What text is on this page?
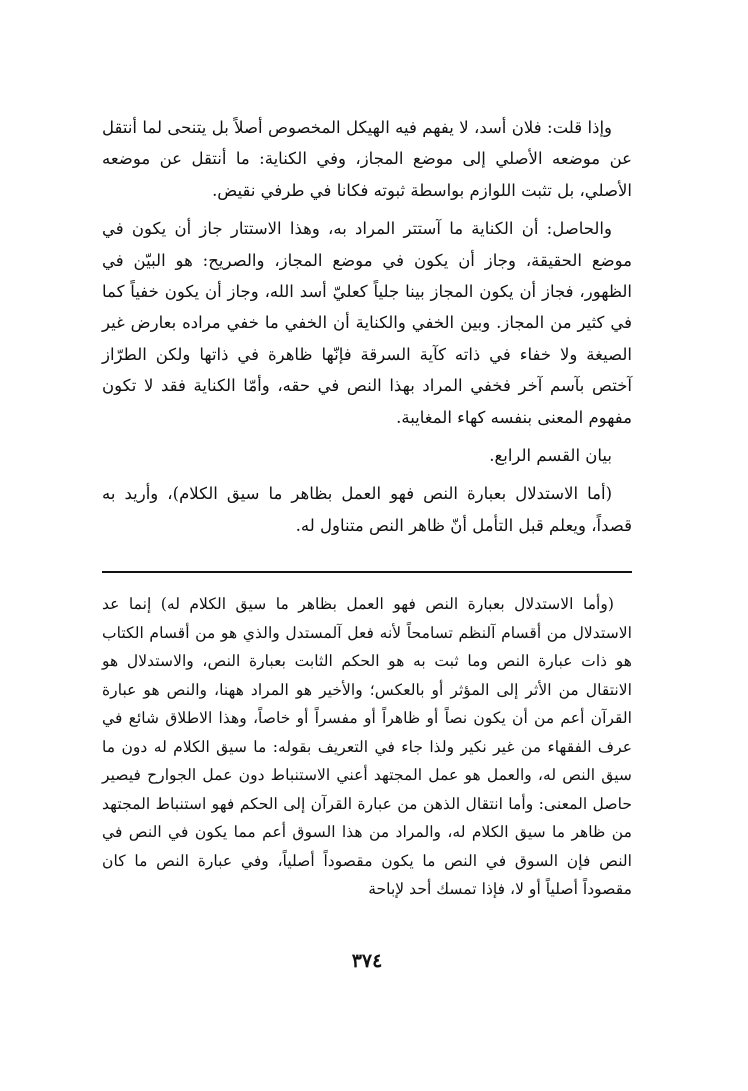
وإذا قلت: فلان أسد، لا يفهم فيه الهيكل المخصوص أصلاً بل يتنحى لما أنتقل عن موضعه الأصلي إلى موضع المجاز، وفي الكناية: ما أنتقل عن موضعه الأصلي، بل تثبت اللوازم بواسطة ثبوته فكانا في طرفي نقيض.

والحاصل: أن الكناية ما آستتر المراد به، وهذا الاستتار جاز أن يكون في موضع الحقيقة، وجاز أن يكون في موضع المجاز، والصريح: هو البيّن في الظهور، فجاز أن يكون المجاز بينا جلياً كعليّ أسد الله، وجاز أن يكون خفياً كما في كثير من المجاز. وبين الخفي والكناية أن الخفي ما خفي مراده بعارض غير الصيغة ولا خفاء في ذاته كآية السرقة فإنّها ظاهرة في ذاتها ولكن الطرّاز آختص بآسم آخر فخفي المراد بهذا النص في حقه، وأمّا الكناية فقد لا تكون مفهوم المعنى بنفسه كهاء المغايبة.

بيان القسم الرابع.

(أما الاستدلال بعبارة النص فهو العمل بظاهر ما سيق الكلام)، وأريد به قصداً، ويعلم قبل التأمل أنّ ظاهر النص متناول له.

(وأما الاستدلال بعبارة النص فهو العمل بظاهر ما سيق الكلام له) إنما عد الاستدلال من أقسام آلنظم تسامحاً لأنه فعل آلمستدل والذي هو من أقسام الكتاب هو ذات عبارة النص وما ثبت به هو الحكم الثابت بعبارة النص، والاستدلال هو الانتقال من الأثر إلى المؤثر أو بالعكس؛ والأخير هو المراد ههنا، والنص هو عبارة القرآن أعم من أن يكون نصاً أو ظاهراً أو مفسراً أو خاصاً، وهذا الاطلاق شائع في عرف الفقهاء من غير نكير ولذا جاء في التعريف بقوله: ما سيق الكلام له دون ما سيق النص له، والعمل هو عمل المجتهد أعني الاستنباط دون عمل الجوارح فيصير حاصل المعنى: وأما انتقال الذهن من عبارة القرآن إلى الحكم فهو استنباط المجتهد من ظاهر ما سيق الكلام له، والمراد من هذا السوق أعم مما يكون في النص في النص فإن السوق في النص ما يكون مقصوداً أصلياً، وفي عبارة النص ما كان مقصوداً أصلياً أو لا، فإذا تمسك أحد لإباحة

٣٧٤
